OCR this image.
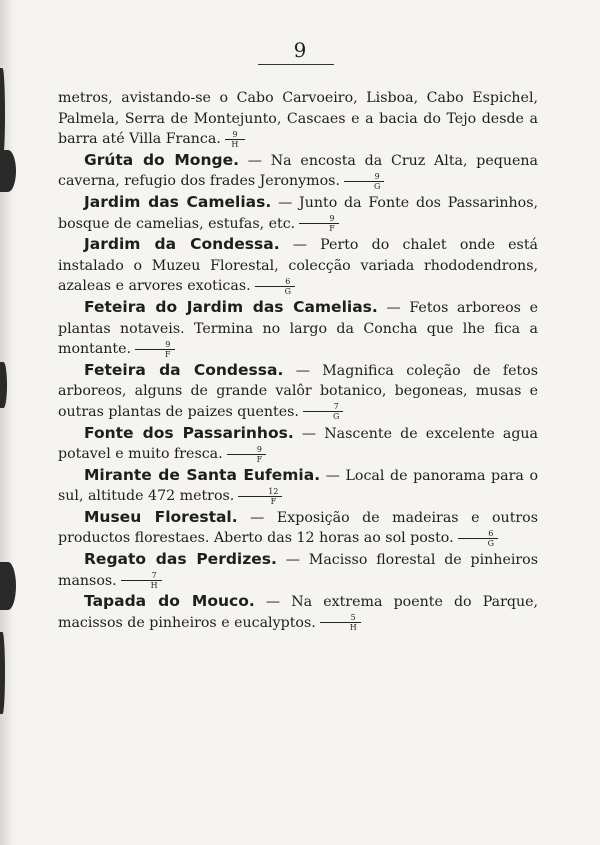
9

metros, avistando-se o Cabo Carvoeiro, Lisboa, Cabo Espichel, Palmela, Serra de Montejunto, Cascaes e a bacia do Tejo desde a barra até Villa Franca. $\frac{9}{H}$

Grúta do Monge. — Na encosta da Cruz Alta, pequena caverna, refugio dos frades Jeronymos. $\frac{9}{G}$

Jardim das Camelias. — Junto da Fonte dos Passarinhos, bosque de camelias, estufas, etc. $\frac{9}{F}$

Jardim da Condessa. — Perto do chalet onde está instalado o Muzeu Florestal, colecção variada rhododendrons, azaleas e arvores exoticas. $\frac{6}{G}$

Feteira do Jardim das Camelias. — Fetos arboreos e plantas notaveis. Termina no largo da Concha que lhe fica a montante. $\frac{9}{F}$

Feteira da Condessa. — Magnifica coleção de fetos arboreos, alguns de grande valôr botanico, begoneas, musas e outras plantas de paizes quentes. $\frac{7}{G}$

Fonte dos Passarinhos. — Nascente de excelente agua potavel e muito fresca. $\frac{9}{F}$

Mirante de Santa Eufemia. — Local de panorama para o sul, altitude 472 metros. $\frac{12}{F}$

Museu Florestal. — Exposição de madeiras e outros productos florestaes. Aberto das 12 horas ao sol posto. $\frac{6}{G}$

Regato das Perdizes. — Macisso florestal de pinheiros mansos. $\frac{7}{H}$

Tapada do Mouco. — Na extrema poente do Parque, macissos de pinheiros e eucalyptos. $\frac{5}{H}$
